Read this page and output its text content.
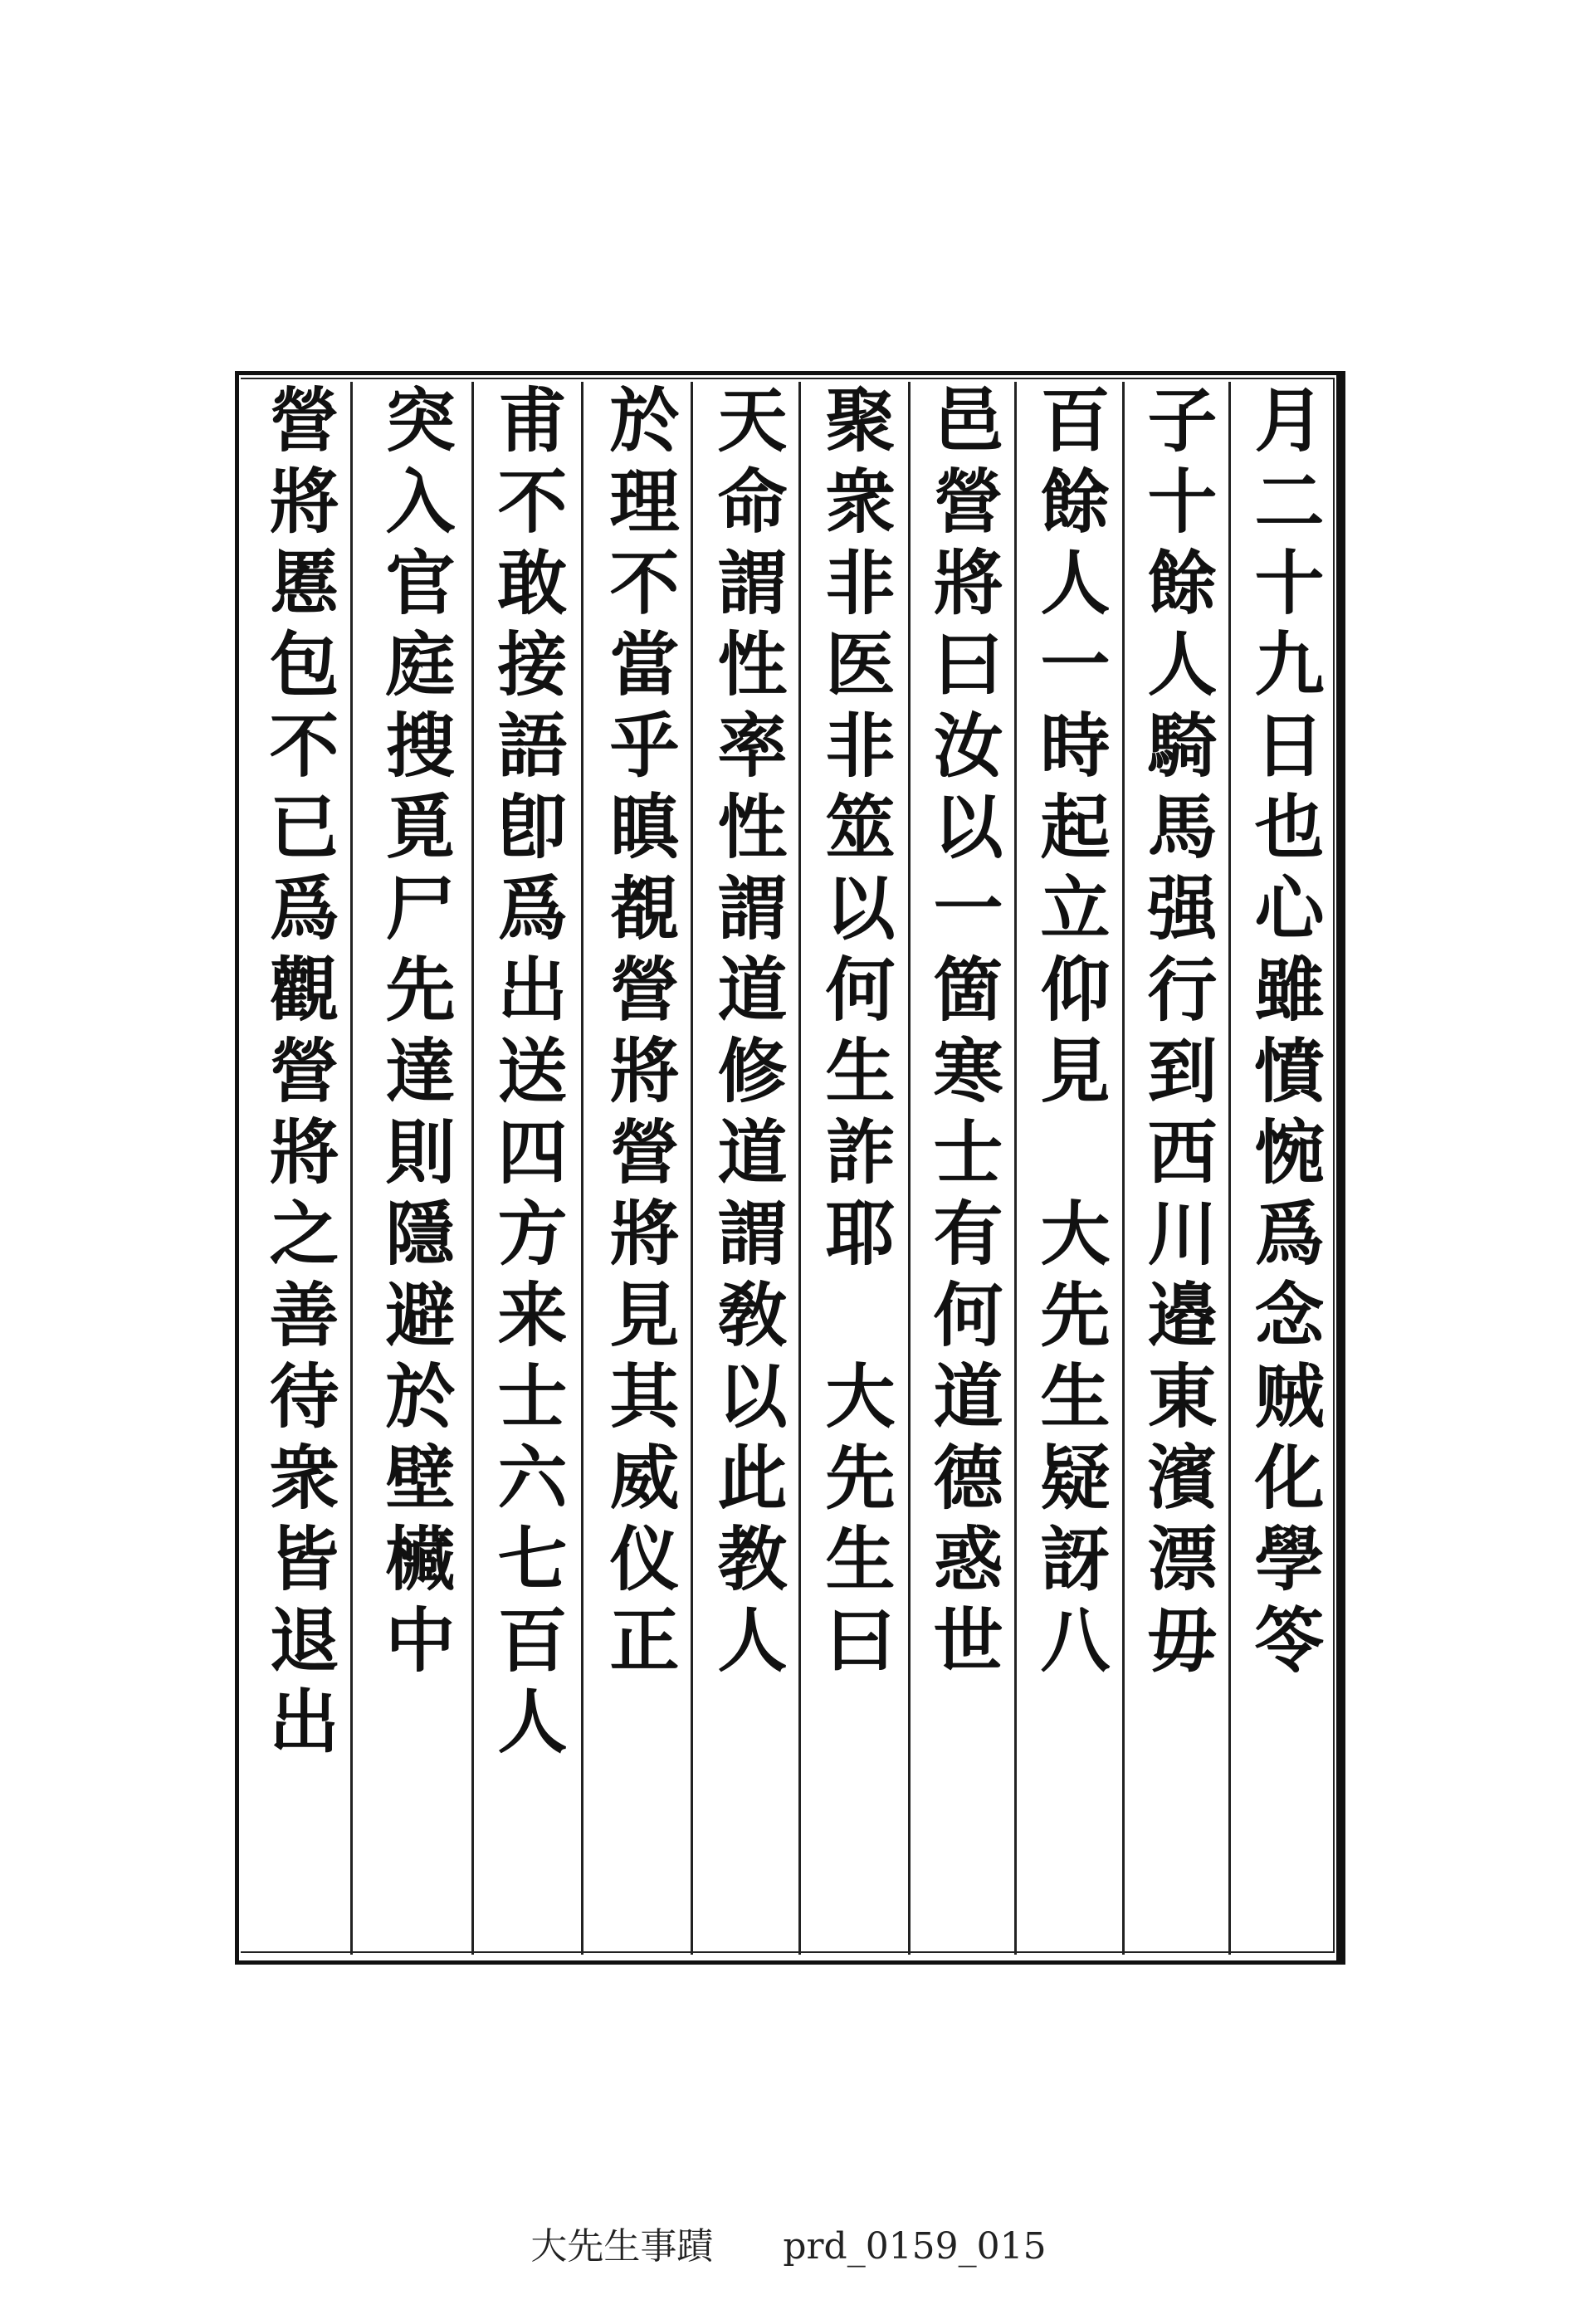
月二十九日也心雖憤惋爲念贼化學笭
子十餘人騎馬强行到西川邉東濱漂毋
百餘人一時起立仰見　大先生疑訝八
邑營將曰汝以一箇寒士有何道德惑世
聚衆非医非筮以何生詐耶　大先生曰
天命謂性率性謂道修道謂敎以此教人
於理不當乎瞋覩營將營將見其威仪正
甫不敢接語卽爲出送四方来士六七百人
突入官庭搜覓尸先達則隱避於壁欌中
營將慝包不已爲觀營將之善待衆皆退出
大先生事蹟 prd_0159_015
